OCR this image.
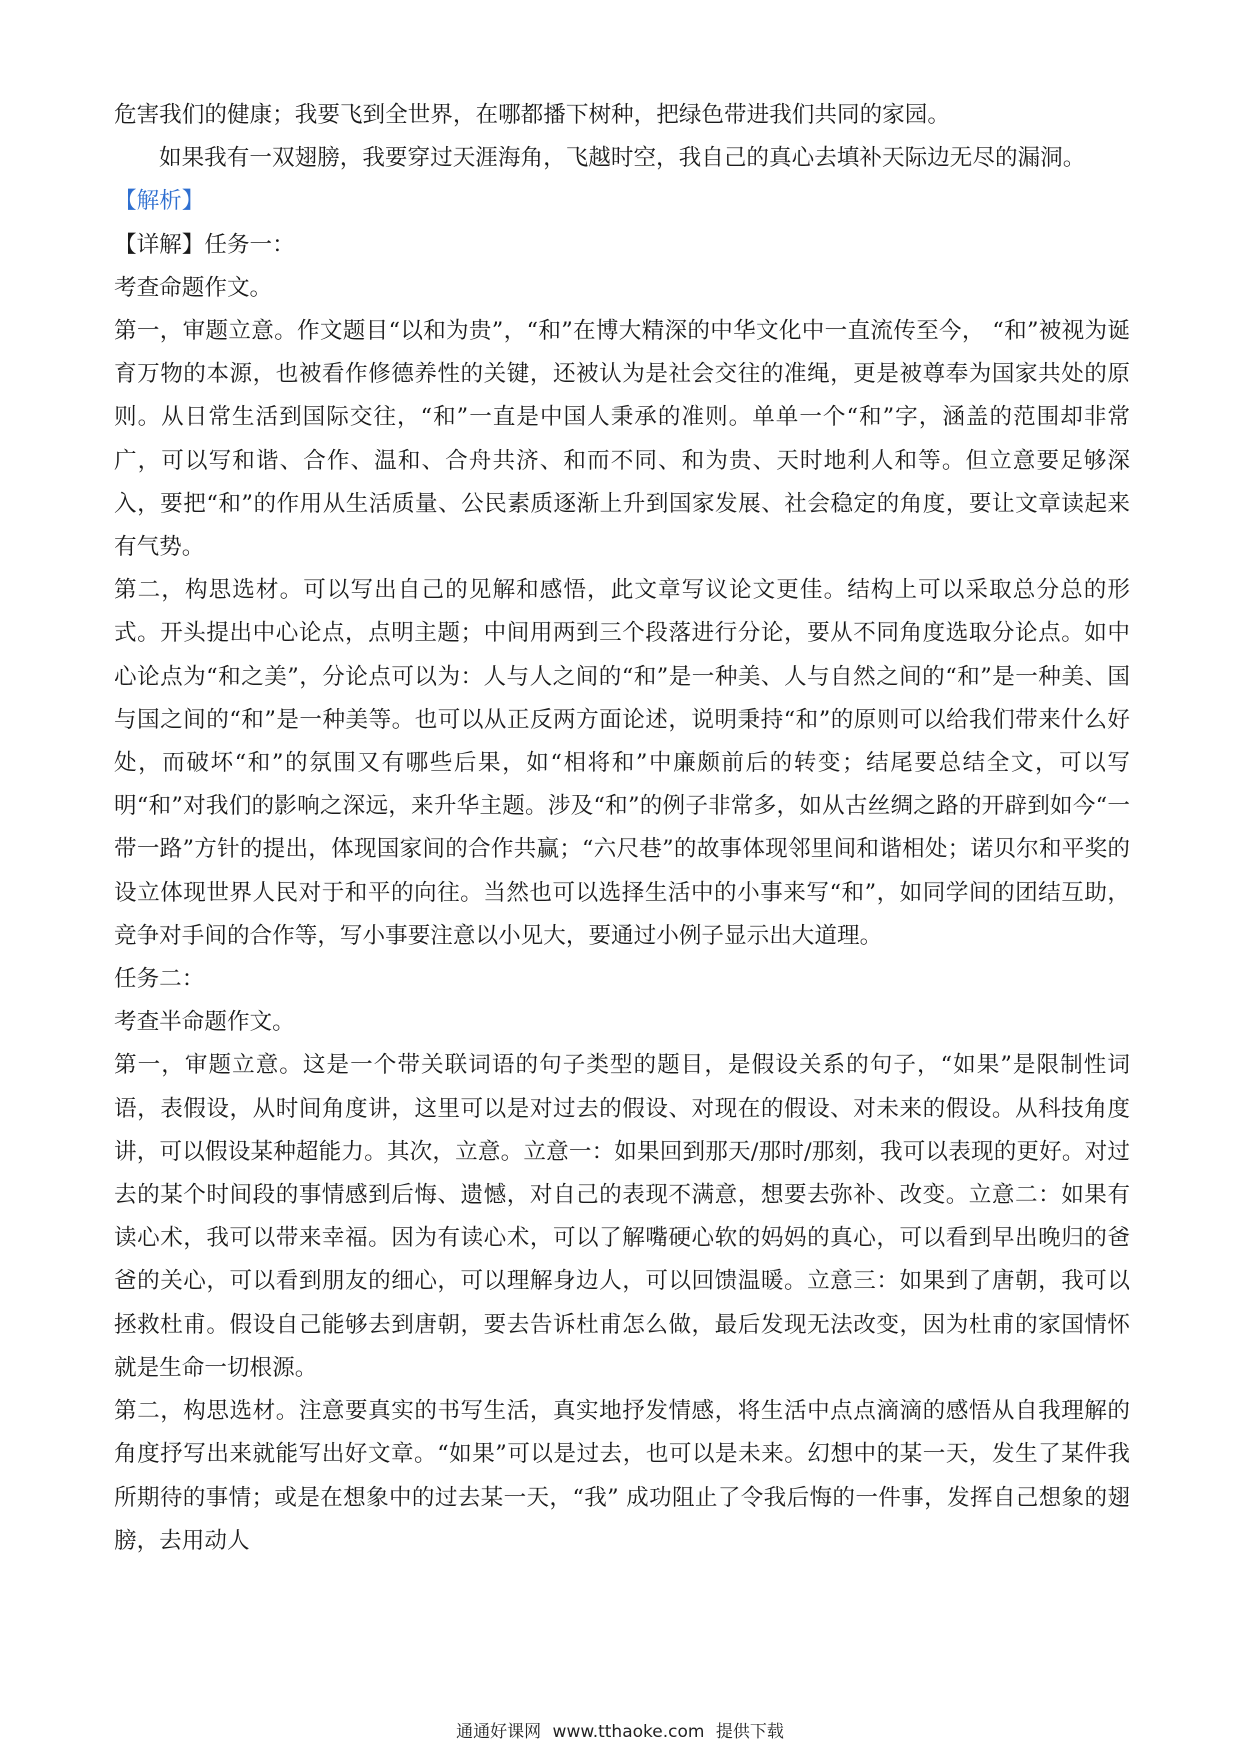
危害我们的健康；我要飞到全世界，在哪都播下树种，把绿色带进我们共同的家园。

如果我有一双翅膀，我要穿过天涯海角，飞越时空，我自己的真心去填补天际边无尽的漏洞。

【解析】

【详解】任务一：

考查命题作文。

第一，审题立意。作文题目“以和为贵”，“和”在博大精深的中华文化中一直流传至今， “和”被视为诞育万物的本源，也被看作修德养性的关键，还被认为是社会交往的准绳，更是被尊奉为国家共处的原则。从日常生活到国际交往，“和”一直是中国人秉承的准则。单单一个“和”字，涵盖的范围却非常广，可以写和谐、合作、温和、合舟共济、和而不同、和为贵、天时地利人和等。但立意要足够深入，要把“和”的作用从生活质量、公民素质逐渐上升到国家发展、社会稳定的角度，要让文章读起来有气势。

第二，构思选材。可以写出自己的见解和感悟，此文章写议论文更佳。结构上可以采取总分总的形式。开头提出中心论点，点明主题；中间用两到三个段落进行分论，要从不同角度选取分论点。如中心论点为“和之美”，分论点可以为：人与人之间的“和”是一种美、人与自然之间的“和”是一种美、国与国之间的“和”是一种美等。也可以从正反两方面论述，说明秉持“和”的原则可以给我们带来什么好处，而破坏“和”的氛围又有哪些后果，如“相将和”中廉颇前后的转变；结尾要总结全文，可以写明“和”对我们的影响之深远，来升华主题。涉及“和”的例子非常多，如从古丝绸之路的开辟到如今“一带一路”方针的提出，体现国家间的合作共赢；“六尺巷”的故事体现邻里间和谐相处；诺贝尔和平奖的设立体现世界人民对于和平的向往。当然也可以选择生活中的小事来写“和”，如同学间的团结互助，竞争对手间的合作等，写小事要注意以小见大，要通过小例子显示出大道理。

任务二：

考查半命题作文。

第一，审题立意。这是一个带关联词语的句子类型的题目，是假设关系的句子，“如果”是限制性词语，表假设，从时间角度讲，这里可以是对过去的假设、对现在的假设、对未来的假设。从科技角度讲，可以假设某种超能力。其次，立意。立意一：如果回到那天/那时/那刻，我可以表现的更好。对过去的某个时间段的事情感到后悔、遗憾，对自己的表现不满意，想要去弥补、改变。立意二：如果有读心术，我可以带来幸福。因为有读心术，可以了解嘴硬心软的妈妈的真心，可以看到早出晚归的爸爸的关心，可以看到朋友的细心，可以理解身边人，可以回馈温暖。立意三：如果到了唐朝，我可以拯救杜甫。假设自己能够去到唐朝，要去告诉杜甫怎么做，最后发现无法改变，因为杜甫的家国情怀就是生命一切根源。

第二，构思选材。注意要真实的书写生活，真实地抒发情感，将生活中点点滴滴的感悟从自我理解的角度抒写出来就能写出好文章。“如果”可以是过去，也可以是未来。幻想中的某一天，发生了某件我所期待的事情；或是在想象中的过去某一天，“我” 成功阻止了令我后悔的一件事，发挥自己想象的翅膀，去用动人

通通好课网 www.tthaoke.com 提供下载
